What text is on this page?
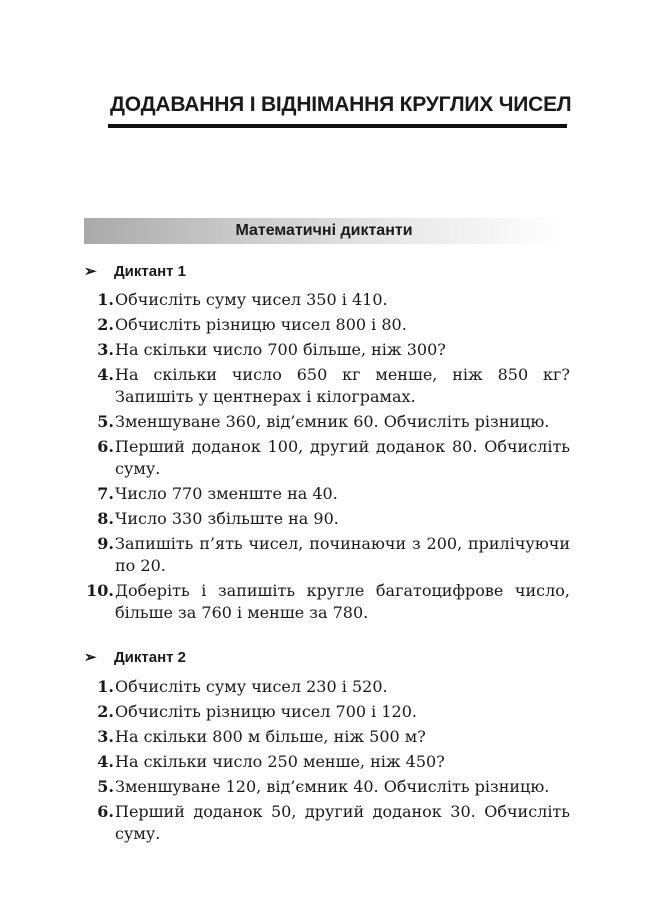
ДОДАВАННЯ І ВІДНІМАННЯ КРУГЛИХ ЧИСЕЛ
Математичні диктанти
➢ Диктант 1
1. Обчисліть суму чисел 350 і 410.
2. Обчисліть різницю чисел 800 і 80.
3. На скільки число 700 більше, ніж 300?
4. На скільки число 650 кг менше, ніж 850 кг? Запишіть у центнерах і кілограмах.
5. Зменшуване 360, від’ємник 60. Обчисліть різницю.
6. Перший доданок 100, другий доданок 80. Обчисліть суму.
7. Число 770 зменште на 40.
8. Число 330 збільште на 90.
9. Запишіть п’ять чисел, починаючи з 200, прилічуючи по 20.
10. Доберіть і запишіть кругле багатоцифрове число, більше за 760 і менше за 780.
➢ Диктант 2
1. Обчисліть суму чисел 230 і 520.
2. Обчисліть різницю чисел 700 і 120.
3. На скільки 800 м більше, ніж 500 м?
4. На скільки число 250 менше, ніж 450?
5. Зменшуване 120, від’ємник 40. Обчисліть різницю.
6. Перший доданок 50, другий доданок 30. Обчисліть суму.
